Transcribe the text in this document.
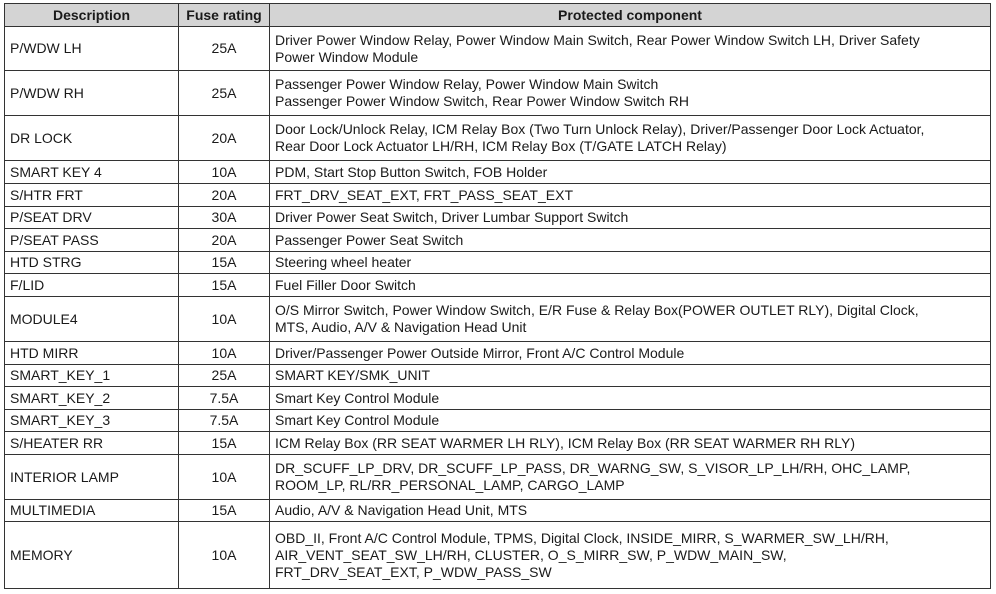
Description	Fuse rating	Protected component
P/WDW LH	25A	Driver Power Window Relay, Power Window Main Switch, Rear Power Window Switch LH, Driver Safety
Power Window Module
P/WDW RH	25A	Passenger Power Window Relay, Power Window Main Switch
Passenger Power Window Switch, Rear Power Window Switch RH
DR LOCK	20A	Door Lock/Unlock Relay, ICM Relay Box (Two Turn Unlock Relay), Driver/Passenger Door Lock Actuator,
Rear Door Lock Actuator LH/RH, ICM Relay Box (T/GATE LATCH Relay)
SMART KEY 4	10A	PDM, Start Stop Button Switch, FOB Holder
S/HTR FRT	20A	FRT_DRV_SEAT_EXT, FRT_PASS_SEAT_EXT
P/SEAT DRV	30A	Driver Power Seat Switch, Driver Lumbar Support Switch
P/SEAT PASS	20A	Passenger Power Seat Switch
HTD STRG	15A	Steering wheel heater
F/LID	15A	Fuel Filler Door Switch
MODULE4	10A	O/S Mirror Switch, Power Window Switch, E/R Fuse & Relay Box(POWER OUTLET RLY), Digital Clock,
MTS, Audio, A/V & Navigation Head Unit
HTD MIRR	10A	Driver/Passenger Power Outside Mirror, Front A/C Control Module
SMART_KEY_1	25A	SMART KEY/SMK_UNIT
SMART_KEY_2	7.5A	Smart Key Control Module
SMART_KEY_3	7.5A	Smart Key Control Module
S/HEATER RR	15A	ICM Relay Box (RR SEAT WARMER LH RLY), ICM Relay Box (RR SEAT WARMER RH RLY)
INTERIOR LAMP	10A	DR_SCUFF_LP_DRV, DR_SCUFF_LP_PASS, DR_WARNG_SW, S_VISOR_LP_LH/RH, OHC_LAMP,
ROOM_LP, RL/RR_PERSONAL_LAMP, CARGO_LAMP
MULTIMEDIA	15A	Audio, A/V & Navigation Head Unit, MTS
MEMORY	10A	OBD_II, Front A/C Control Module, TPMS, Digital Clock, INSIDE_MIRR, S_WARMER_SW_LH/RH,
AIR_VENT_SEAT_SW_LH/RH, CLUSTER, O_S_MIRR_SW, P_WDW_MAIN_SW,
FRT_DRV_SEAT_EXT, P_WDW_PASS_SW
